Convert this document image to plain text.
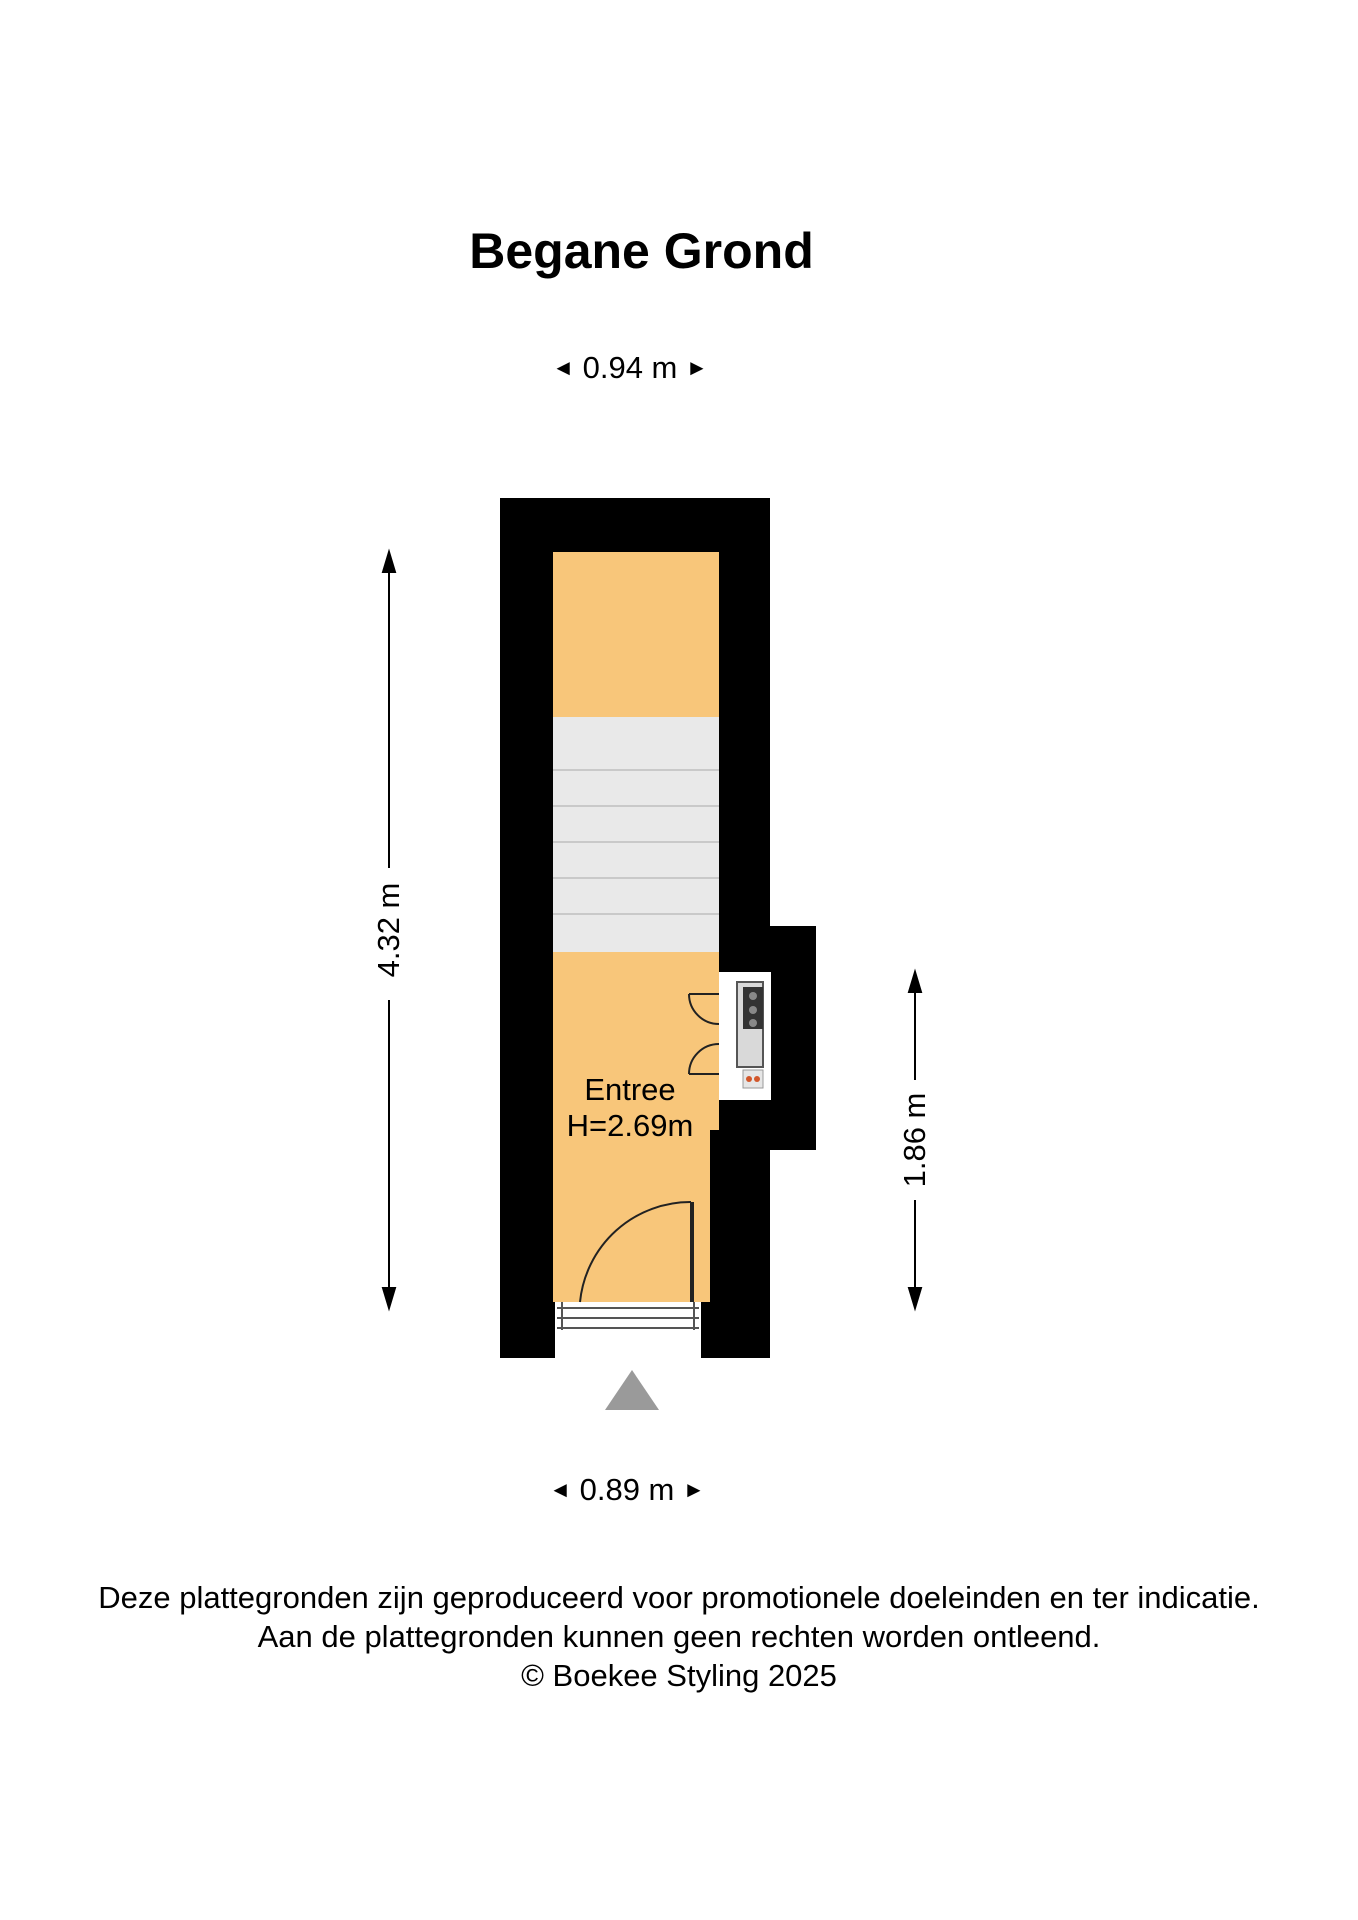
Begane Grond
◄ 0.94 m ►
4.32 m
1.86 m
Entree
H=2.69m
◄ 0.89 m ►
Deze plattegronden zijn geproduceerd voor promotionele doeleinden en ter indicatie.
Aan de plattegronden kunnen geen rechten worden ontleend.
© Boekee Styling 2025
